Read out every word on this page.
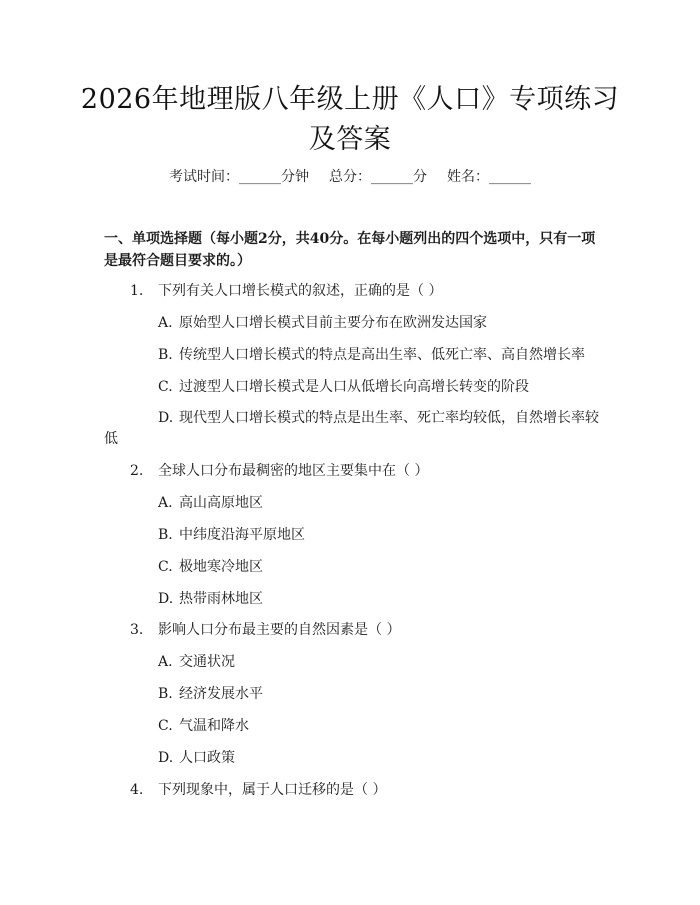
2026年地理版八年级上册《人口》专项练习
及答案
考试时间：______分钟 总分：______分 姓名：______
一、单项选择题（每小题2分，共40分。在每小题列出的四个选项中，只有一项
是最符合题目要求的。）
1. 下列有关人口增长模式的叙述，正确的是（ ）
A. 原始型人口增长模式目前主要分布在欧洲发达国家
B. 传统型人口增长模式的特点是高出生率、低死亡率、高自然增长率
C. 过渡型人口增长模式是人口从低增长向高增长转变的阶段
D. 现代型人口增长模式的特点是出生率、死亡率均较低，自然增长率较
低
2. 全球人口分布最稠密的地区主要集中在（ ）
A. 高山高原地区
B. 中纬度沿海平原地区
C. 极地寒冷地区
D. 热带雨林地区
3. 影响人口分布最主要的自然因素是（ ）
A. 交通状况
B. 经济发展水平
C. 气温和降水
D. 人口政策
4. 下列现象中，属于人口迁移的是（ ）
